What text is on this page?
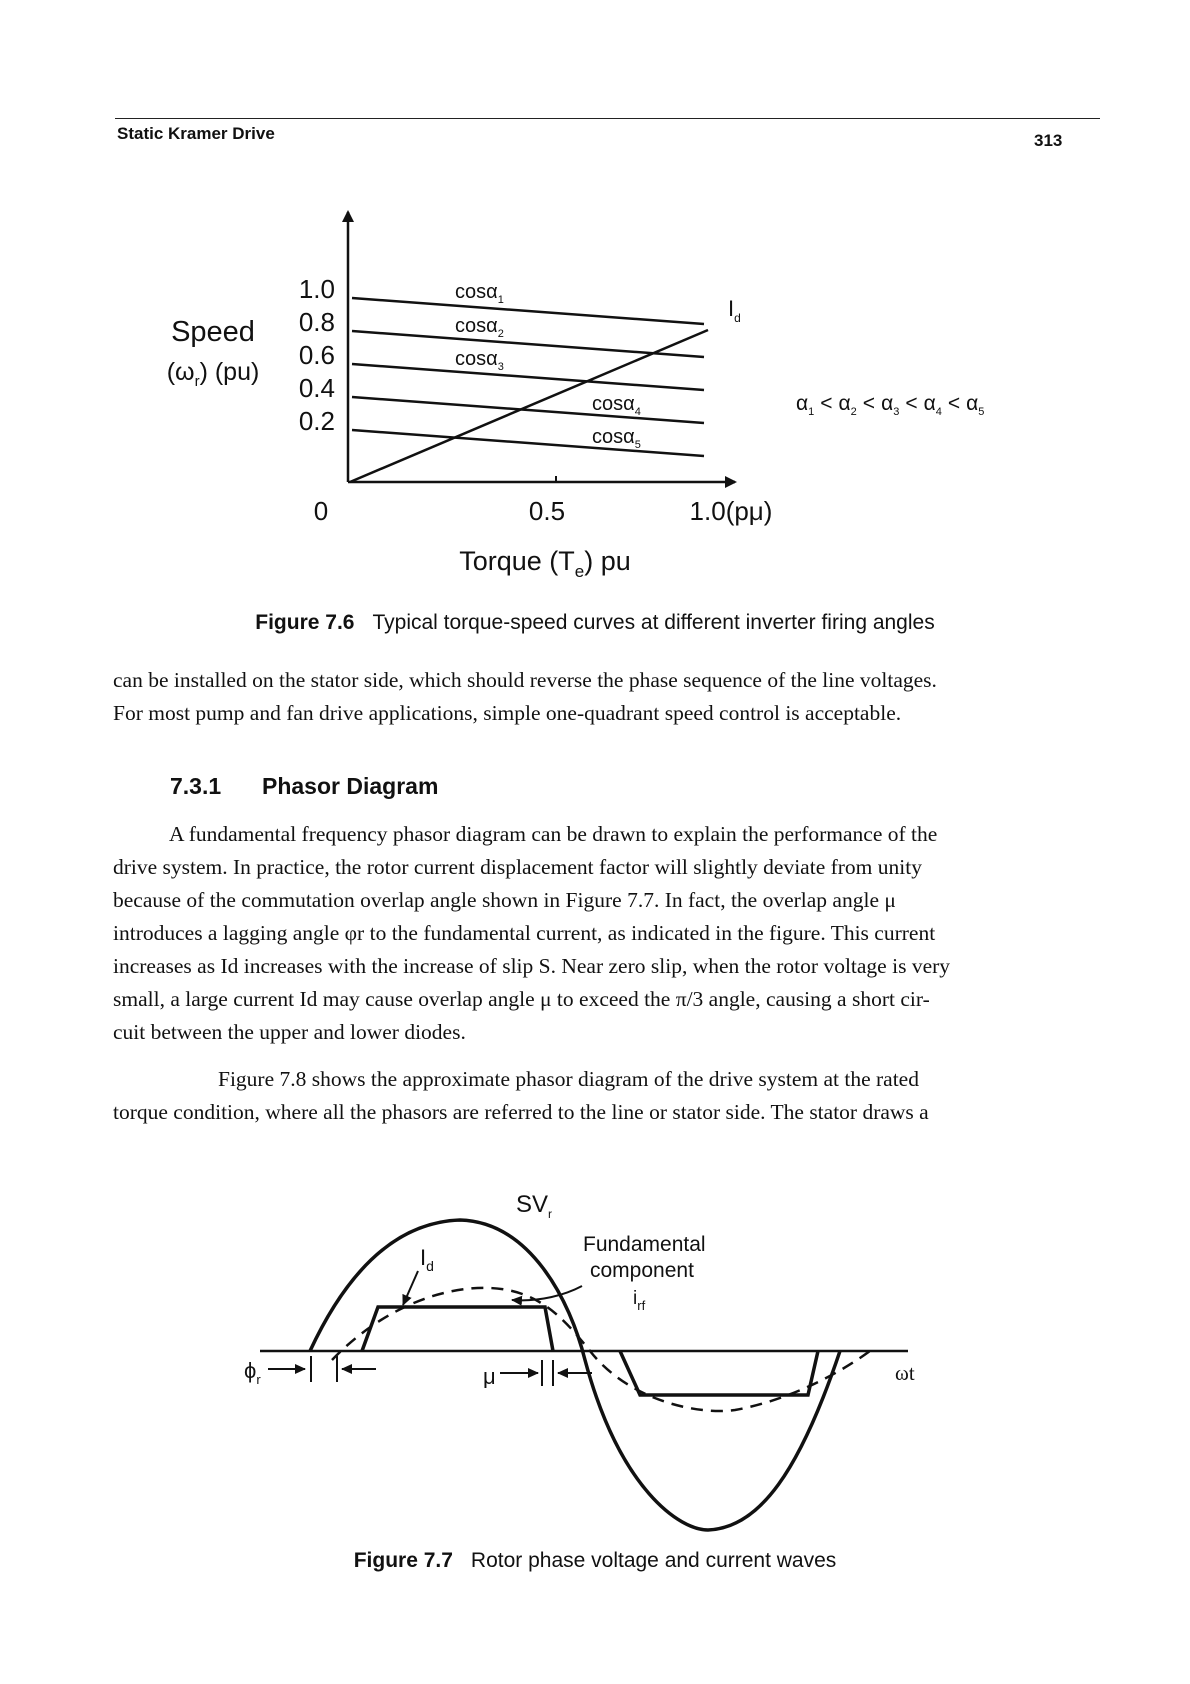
Static Kramer Drive	313
Speed
$(\omega_r)$ (pu)
1.0
0.8
0.6
0.4
0.2
0	0.5	1.0(pμ)
Torque $(T_e)$ pu
cosα$_1$
cosα$_2$
cosα$_3$
cosα$_4$
cosα$_5$
$I_d$
$\alpha_1 < \alpha_2 < \alpha_3 < \alpha_4 < \alpha_5$
Figure 7.6 Typical torque-speed curves at different inverter firing angles
can be installed on the stator side, which should reverse the phase sequence of the line voltages.
For most pump and fan drive applications, simple one-quadrant speed control is acceptable.
7.3.1 Phasor Diagram
A fundamental frequency phasor diagram can be drawn to explain the performance of the
drive system. In practice, the rotor current displacement factor will slightly deviate from unity
because of the commutation overlap angle shown in Figure 7.7. In fact, the overlap angle μ
introduces a lagging angle φr to the fundamental current, as indicated in the figure. This current
increases as Id increases with the increase of slip S. Near zero slip, when the rotor voltage is very
small, a large current Id may cause overlap angle μ to exceed the π/3 angle, causing a short cir-
cuit between the upper and lower diodes.
Figure 7.8 shows the approximate phasor diagram of the drive system at the rated
torque condition, where all the phasors are referred to the line or stator side. The stator draws a
$I_d$
$SV_r$
Fundamental
component
$i_{rf}$
$\phi_r$	μ	ωt
Figure 7.7 Rotor phase voltage and current waves
